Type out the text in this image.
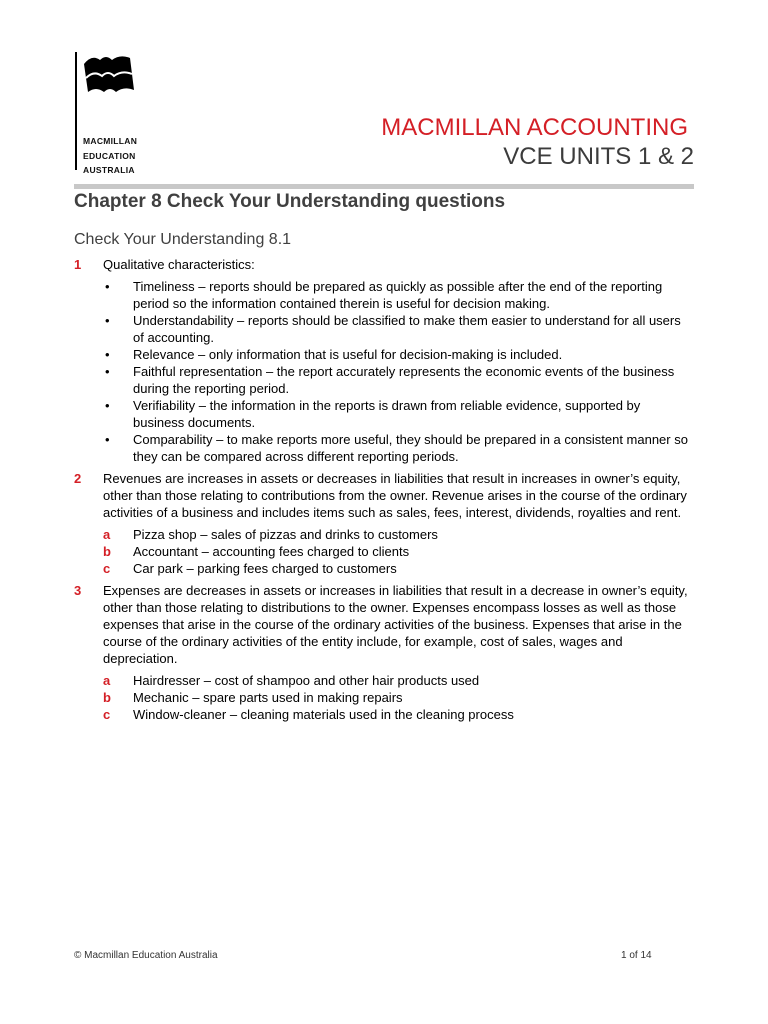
MACMILLAN
EDUCATION
AUSTRALIA
MACMILLAN ACCOUNTING
VCE UNITS 1 & 2
Chapter 8 Check Your Understanding questions
Check Your Understanding 8.1
1 Qualitative characteristics:

• Timeliness – reports should be prepared as quickly as possible after the end of the reporting period so the information contained therein is useful for decision making.
• Understandability – reports should be classified to make them easier to understand for all users of accounting.
• Relevance – only information that is useful for decision-making is included.
• Faithful representation – the report accurately represents the economic events of the business during the reporting period.
• Verifiability – the information in the reports is drawn from reliable evidence, supported by business documents.
• Comparability – to make reports more useful, they should be prepared in a consistent manner so they can be compared across different reporting periods.
2 Revenues are increases in assets or decreases in liabilities that result in increases in owner’s equity, other than those relating to contributions from the owner. Revenue arises in the course of the ordinary activities of a business and includes items such as sales, fees, interest, dividends, royalties and rent.

a Pizza shop – sales of pizzas and drinks to customers
b Accountant – accounting fees charged to clients
c Car park – parking fees charged to customers
3 Expenses are decreases in assets or increases in liabilities that result in a decrease in owner’s equity, other than those relating to distributions to the owner. Expenses encompass losses as well as those expenses that arise in the course of the ordinary activities of the business. Expenses that arise in the course of the ordinary activities of the entity include, for example, cost of sales, wages and depreciation.

a Hairdresser – cost of shampoo and other hair products used
b Mechanic – spare parts used in making repairs
c Window-cleaner – cleaning materials used in the cleaning process
© Macmillan Education Australia	1 of 14
